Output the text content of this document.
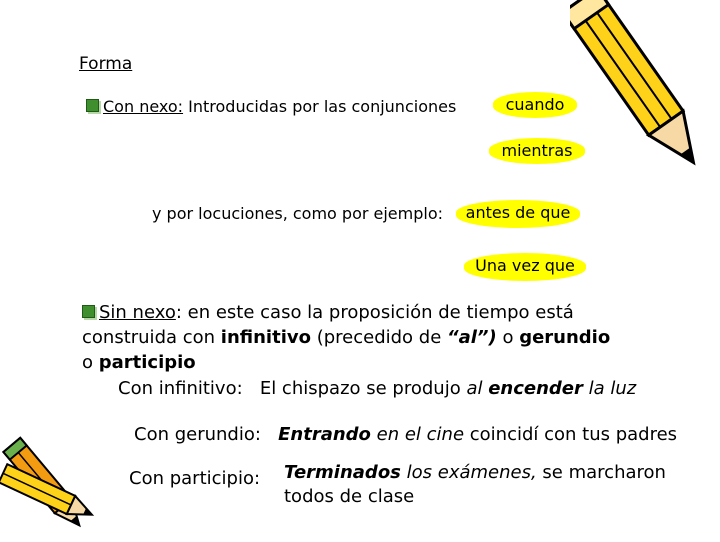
Forma
Con nexo: Introducidas por las conjunciones	cuando
mientras
y por locuciones, como por ejemplo:	antes de que
Una vez que
Sin nexo: en este caso la proposición de tiempo está
construida con infinitivo (precedido de “al”) o gerundio
o participio
Con infinitivo: El chispazo se produjo al encender la luz
Con gerundio: Entrando en el cine coincidí con tus padres
Con participio: Terminados los exámenes, se marcharon
todos de clase
